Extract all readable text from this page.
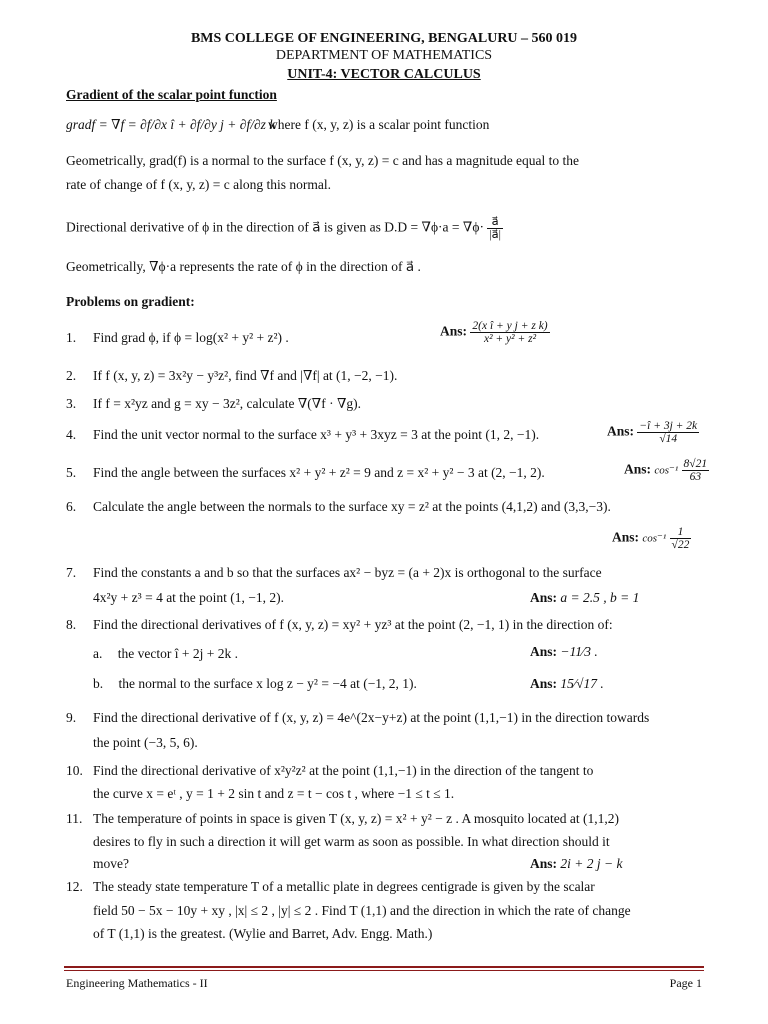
BMS COLLEGE OF ENGINEERING, BENGALURU – 560 019
DEPARTMENT OF MATHEMATICS
UNIT-4: VECTOR CALCULUS
Gradient of the scalar point function
gradf = ∇f = ∂f/∂x î + ∂f/∂y j + ∂f/∂z k
where f (x, y, z) is a scalar point function
Geometrically, grad(f) is a normal to the surface f (x, y, z) = c and has a magnitude equal to the
rate of change of f (x, y, z) = c along this normal.
Directional derivative of ϕ in the direction of a⃗ is given as $D.D = \nabla\phi\cdot a = \nabla\phi\cdot \frac{a⃗}{|a⃗|}$
Geometrically, ∇ϕ·a represents the rate of ϕ in the direction of a⃗ .
Problems on gradient:
1. Find grad ϕ, if ϕ = log(x² + y² + z²) .	Ans: $\frac{\text{2(x î + y j + z k)}}{\text{x² + y² + z²}}$
2. If f (x, y, z) = 3x²y − y³z², find ∇f and |∇f| at (1, −2, −1).
3. If f = x²yz and g = xy − 3z², calculate ∇(∇f · ∇g).
4. Find the unit vector normal to the surface x³ + y³ + 3xyz = 3 at the point (1, 2, −1).	Ans: $\frac{-î + 3j + 2k}{√14}$
5. Find the angle between the surfaces x² + y² + z² = 9 and z = x² + y² − 3 at (2, −1, 2).	Ans: $\cos^{-1} \frac{8√21}{63}$
6. Calculate the angle between the normals to the surface xy = z² at the points (4,1,2) and (3,3,−3).
Ans: $\cos^{-1} \frac{1}{√22}$
7. Find the constants a and b so that the surfaces ax² − byz = (a + 2)x is orthogonal to the surface
4x²y + z³ = 4 at the point (1, −1, 2).	Ans: a = 2.5 , b = 1
8. Find the directional derivatives of f (x, y, z) = xy² + yz³ at the point (2, −1, 1) in the direction of:
a. the vector î + 2j + 2k .	Ans: −11⁄3 .
b. the normal to the surface x log z − y² = −4 at (−1, 2, 1).	Ans: 15⁄√17 .
9. Find the directional derivative of f (x, y, z) = 4e^(2x−y+z) at the point (1,1,−1) in the direction towards
the point (−3, 5, 6).
10. Find the directional derivative of x²y²z² at the point (1,1,−1) in the direction of the tangent to
the curve x = eᵗ , y = 1 + 2 sin t and z = t − cos t , where −1 ≤ t ≤ 1.
11. The temperature of points in space is given T (x, y, z) = x² + y² − z . A mosquito located at (1,1,2)
desires to fly in such a direction it will get warm as soon as possible. In what direction should it
move?	Ans: 2i + 2 j − k
12. The steady state temperature T of a metallic plate in degrees centigrade is given by the scalar
field 50 − 5x − 10y + xy , |x| ≤ 2 , |y| ≤ 2 . Find T (1,1) and the direction in which the rate of change
of T (1,1) is the greatest. (Wylie and Barret, Adv. Engg. Math.)
Engineering Mathematics - II	Page 1
